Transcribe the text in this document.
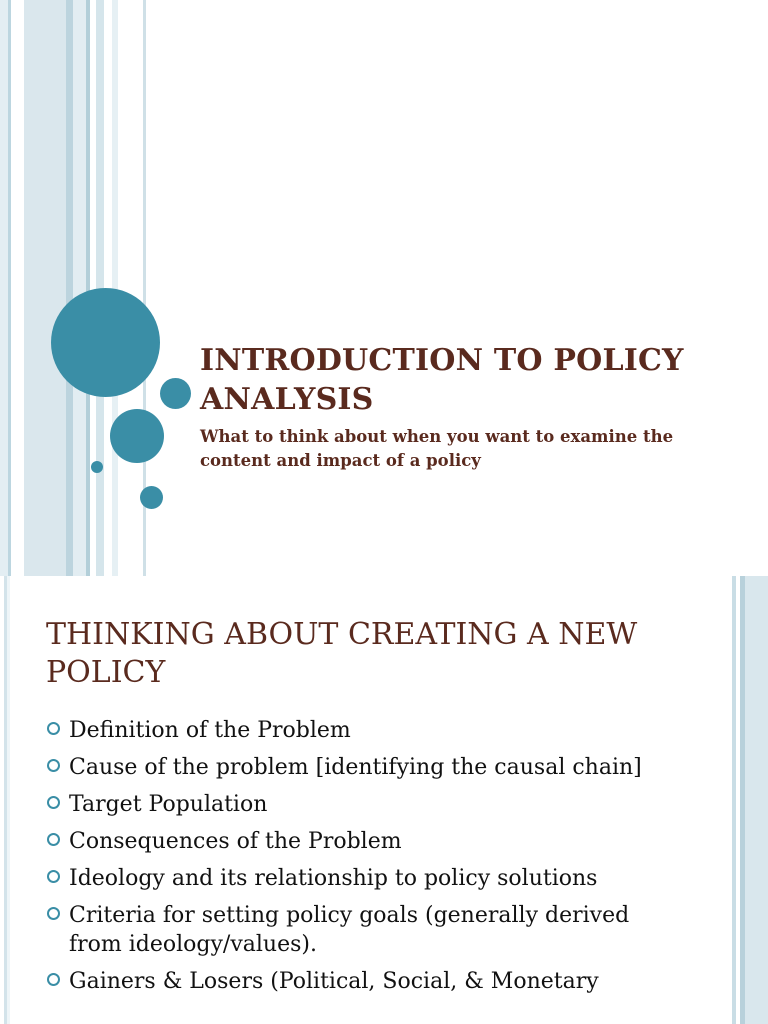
INTRODUCTION TO POLICY ANALYSIS

What to think about when you want to examine the content and impact of a policy

THINKING ABOUT CREATING A NEW POLICY
Definition of the Problem
Cause of the problem [identifying the causal chain]
Target Population
Consequences of the Problem
Ideology and its relationship to policy solutions
Criteria for setting policy goals (generally derived from ideology/values).
Gainers & Losers (Political, Social, & Monetary
